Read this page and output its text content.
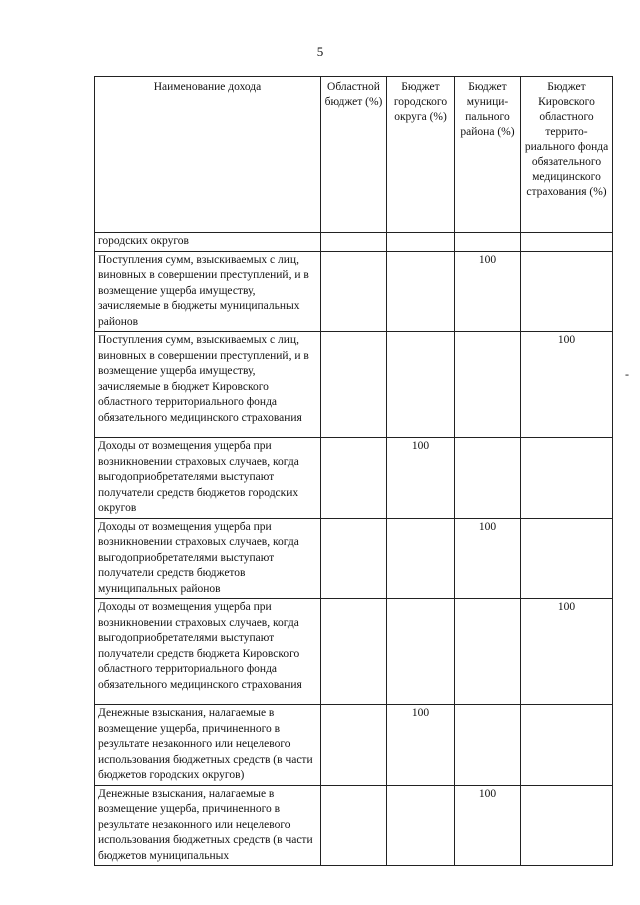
5
-
Наименование дохода	Областной бюджет (%)	Бюджет городского округа (%)	Бюджет муници-пального района (%)	Бюджет Кировского областного террито-риального фонда обязательного медицинского страхования (%)
городских округов				
Поступления сумм, взыскиваемых с лиц, виновных в совершении преступлений, и в возмещение ущерба имуществу, зачисляемые в бюджеты муниципальных районов			100	
Поступления сумм, взыскиваемых с лиц, виновных в совершении преступлений, и в возмещение ущерба имуществу, зачисляемые в бюджет Кировского областного территориального фонда обязательного медицинского страхования				100
Доходы от возмещения ущерба при возникновении страховых случаев, когда выгодоприобретателями выступают получатели средств бюджетов городских округов		100		
Доходы от возмещения ущерба при возникновении страховых случаев, когда выгодоприобретателями выступают получатели средств бюджетов муниципальных районов			100	
Доходы от возмещения ущерба при возникновении страховых случаев, когда выгодоприобретателями выступают получатели средств бюджета Кировского областного территориального фонда обязательного медицинского страхования				100
Денежные взыскания, налагаемые в возмещение ущерба, причиненного в результате незаконного или нецелевого использования бюджетных средств (в части бюджетов городских округов)		100		
Денежные взыскания, налагаемые в возмещение ущерба, причиненного в результате незаконного или нецелевого использования бюджетных средств (в части бюджетов муниципальных			100	
